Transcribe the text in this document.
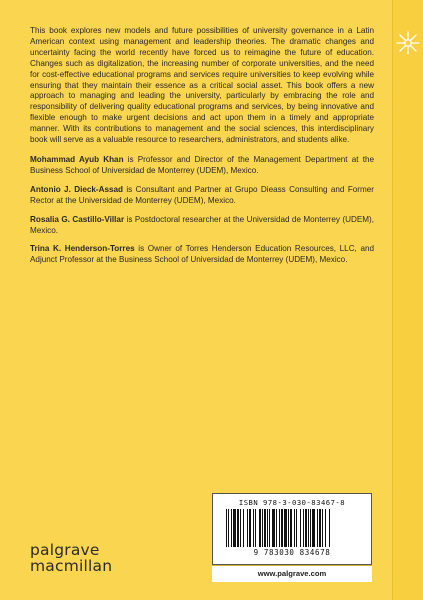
This book explores new models and future possibilities of university governance in a Latin American context using management and leadership theories. The dramatic changes and uncertainty facing the world recently have forced us to reimagine the future of education. Changes such as digitalization, the increasing number of corporate universities, and the need for cost-effective educational programs and services require universities to keep evolving while ensuring that they maintain their essence as a critical social asset. This book offers a new approach to managing and leading the university, particularly by embracing the role and responsibility of delivering quality educational programs and services, by being innovative and flexible enough to make urgent decisions and act upon them in a timely and appropriate manner. With its contributions to management and the social sciences, this interdisciplinary book will serve as a valuable resource to researchers, administrators, and students alike.

Mohammad Ayub Khan is Professor and Director of the Management Department at the Business School of Universidad de Monterrey (UDEM), Mexico.

Antonio J. Dieck-Assad is Consultant and Partner at Grupo Dieass Consulting and Former Rector at the Universidad de Monterrey (UDEM), Mexico.

Rosalia G. Castillo-Villar is Postdoctoral researcher at the Universidad de Monterrey (UDEM), Mexico.

Trina K. Henderson-Torres is Owner of Torres Henderson Education Resources, LLC, and Adjunct Professor at the Business School of Universidad de Monterrey (UDEM), Mexico.

ISBN 978-3-030-83467-8
9 783030 834678
www.palgrave.com
palgrave
macmillan
